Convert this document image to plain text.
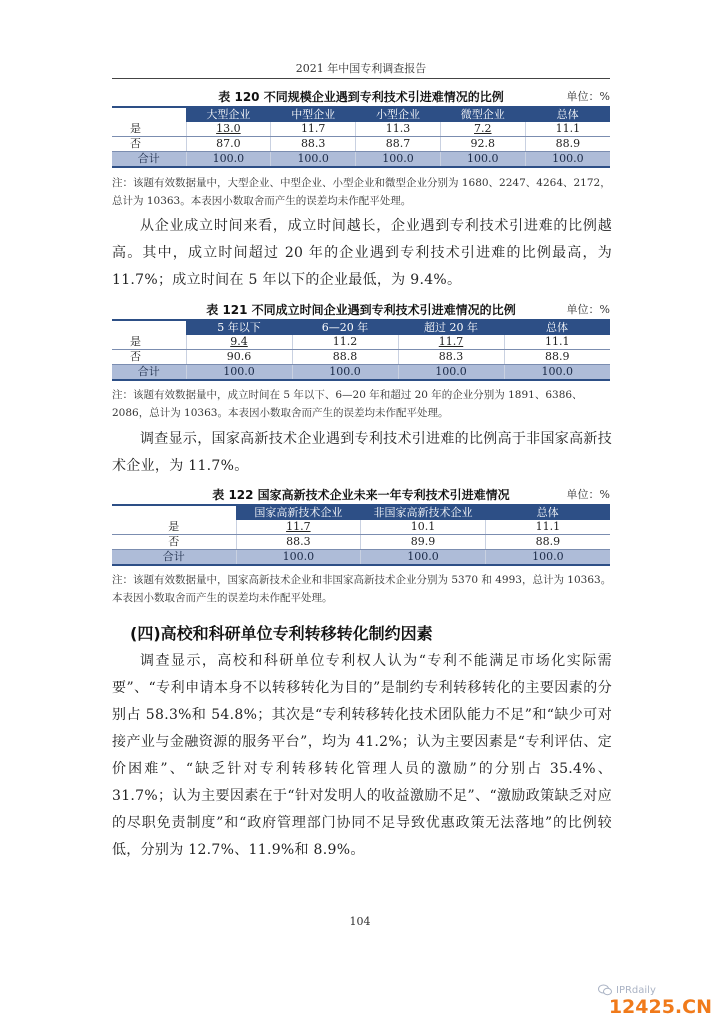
2021 年中国专利调查报告
表 120 不同规模企业遇到专利技术引进难情况的比例	单位：%
	大型企业	中型企业	小型企业	微型企业	总体
是	13.0	11.7	11.3	7.2	11.1
否	87.0	88.3	88.7	92.8	88.9
合计	100.0	100.0	100.0	100.0	100.0
注：该题有效数据量中，大型企业、中型企业、小型企业和微型企业分别为 1680、2247、4264、2172，总计为 10363。本表因小数取舍而产生的误差均未作配平处理。
从企业成立时间来看，成立时间越长，企业遇到专利技术引进难的比例越高。其中，成立时间超过 20 年的企业遇到专利技术引进难的比例最高，为 11.7%；成立时间在 5 年以下的企业最低，为 9.4%。
表 121 不同成立时间企业遇到专利技术引进难情况的比例	单位：%
	5 年以下	6—20 年	超过 20 年	总体
是	9.4	11.2	11.7	11.1
否	90.6	88.8	88.3	88.9
合计	100.0	100.0	100.0	100.0
注：该题有效数据量中，成立时间在 5 年以下、6—20 年和超过 20 年的企业分别为 1891、6386、2086，总计为 10363。本表因小数取舍而产生的误差均未作配平处理。
调查显示，国家高新技术企业遇到专利技术引进难的比例高于非国家高新技术企业，为 11.7%。
表 122 国家高新技术企业未来一年专利技术引进难情况	单位：%
	国家高新技术企业	非国家高新技术企业	总体
是	11.7	10.1	11.1
否	88.3	89.9	88.9
合计	100.0	100.0	100.0
注：该题有效数据量中，国家高新技术企业和非国家高新技术企业分别为 5370 和 4993，总计为 10363。本表因小数取舍而产生的误差均未作配平处理。
(四)高校和科研单位专利转移转化制约因素
调查显示，高校和科研单位专利权人认为“专利不能满足市场化实际需要”、“专利申请本身不以转移转化为目的”是制约专利转移转化的主要因素的分别占 58.3%和 54.8%；其次是“专利转移转化技术团队能力不足”和“缺少可对接产业与金融资源的服务平台”，均为 41.2%；认为主要因素是“专利评估、定价困难”、“缺乏针对专利转移转化管理人员的激励”的分别占 35.4%、31.7%；认为主要因素在于“针对发明人的收益激励不足”、“激励政策缺乏对应的尽职免责制度”和“政府管理部门协同不足导致优惠政策无法落地”的比例较低，分别为 12.7%、11.9%和 8.9%。
104
IPRdaily
12425.CN
